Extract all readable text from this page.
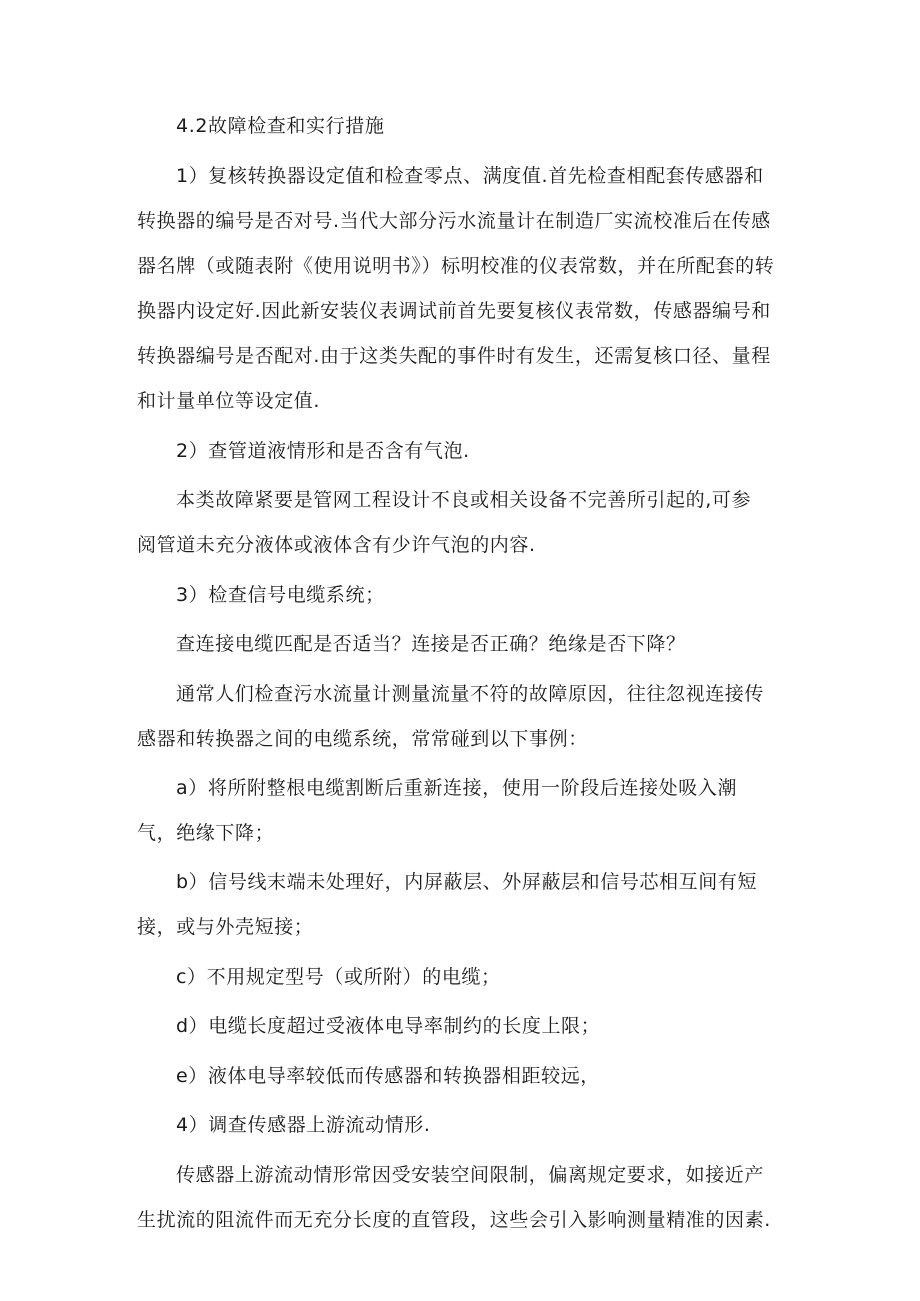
4.2故障检查和实行措施
1）复核转换器设定值和检查零点、满度值.首先检查相配套传感器和
转换器的编号是否对号.当代大部分污水流量计在制造厂实流校准后在传感
器名牌（或随表附《使用说明书》）标明校准的仪表常数，并在所配套的转
换器内设定好.因此新安装仪表调试前首先要复核仪表常数，传感器编号和
转换器编号是否配对.由于这类失配的事件时有发生，还需复核口径、量程
和计量单位等设定值.
2）查管道液情形和是否含有气泡.
本类故障紧要是管网工程设计不良或相关设备不完善所引起的,可参
阅管道未充分液体或液体含有少许气泡的内容.
3）检查信号电缆系统；
查连接电缆匹配是否适当？连接是否正确？绝缘是否下降？
通常人们检查污水流量计测量流量不符的故障原因，往往忽视连接传
感器和转换器之间的电缆系统，常常碰到以下事例：
a）将所附整根电缆割断后重新连接，使用一阶段后连接处吸入潮
气，绝缘下降；
b）信号线末端未处理好，内屏蔽层、外屏蔽层和信号芯相互间有短
接，或与外壳短接；
c）不用规定型号（或所附）的电缆；
d）电缆长度超过受液体电导率制约的长度上限；
e）液体电导率较低而传感器和转换器相距较远，
4）调查传感器上游流动情形.
传感器上游流动情形常因受安装空间限制，偏离规定要求，如接近产
生扰流的阻流件而无充分长度的直管段，这些会引入影响测量精准的因素.
